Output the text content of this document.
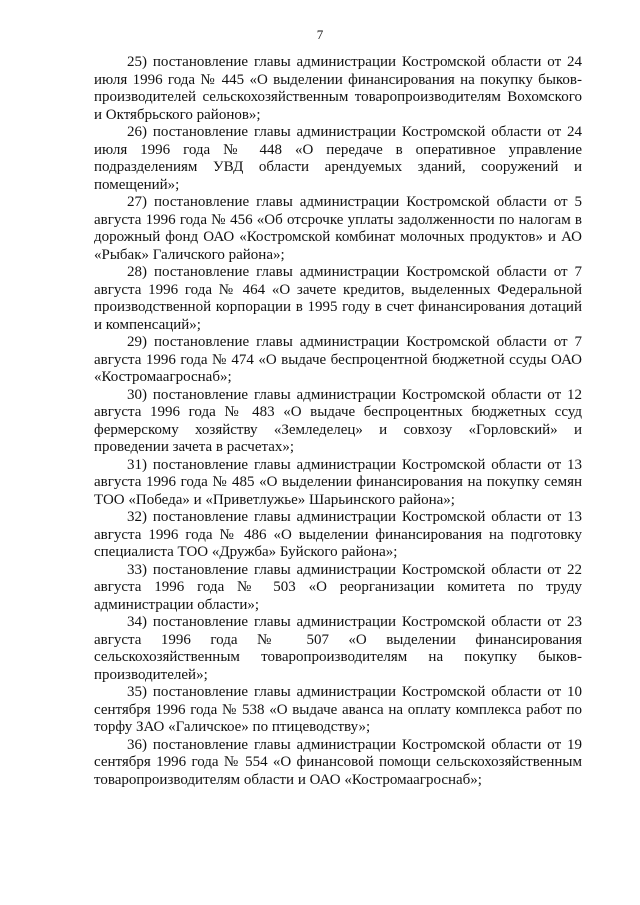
7

25) постановление главы администрации Костромской области от 24 июля 1996 года № 445 «О выделении финансирования на покупку быков-производителей сельскохозяйственным товаропроизводителям Вохомского и Октябрьского районов»;

26) постановление главы администрации Костромской области от 24 июля 1996 года № 448 «О передаче в оперативное управление подразделениям УВД области арендуемых зданий, сооружений и помещений»;

27) постановление главы администрации Костромской области от 5 августа 1996 года № 456 «Об отсрочке уплаты задолженности по налогам в дорожный фонд ОАО «Костромской комбинат молочных продуктов» и АО «Рыбак» Галичского района»;

28) постановление главы администрации Костромской области от 7 августа 1996 года № 464 «О зачете кредитов, выделенных Федеральной производственной корпорации в 1995 году в счет финансирования дотаций и компенсаций»;

29) постановление главы администрации Костромской области от 7 августа 1996 года № 474 «О выдаче беспроцентной бюджетной ссуды ОАО «Костромаагроснаб»;

30) постановление главы администрации Костромской области от 12 августа 1996 года № 483 «О выдаче беспроцентных бюджетных ссуд фермерскому хозяйству «Земледелец» и совхозу «Горловский» и проведении зачета в расчетах»;

31) постановление главы администрации Костромской области от 13 августа 1996 года № 485 «О выделении финансирования на покупку семян ТОО «Победа» и «Приветлужье» Шарьинского района»;

32) постановление главы администрации Костромской области от 13 августа 1996 года № 486 «О выделении финансирования на подготовку специалиста ТОО «Дружба» Буйского района»;

33) постановление главы администрации Костромской области от 22 августа 1996 года № 503 «О реорганизации комитета по труду администрации области»;

34) постановление главы администрации Костромской области от 23 августа 1996 года № 507 «О выделении финансирования сельскохозяйственным товаропроизводителям на покупку быков-производителей»;

35) постановление главы администрации Костромской области от 10 сентября 1996 года № 538 «О выдаче аванса на оплату комплекса работ по торфу ЗАО «Галичское» по птицеводству»;

36) постановление главы администрации Костромской области от 19 сентября 1996 года № 554 «О финансовой помощи сельскохозяйственным товаропроизводителям области и ОАО «Костромаагроснаб»;
